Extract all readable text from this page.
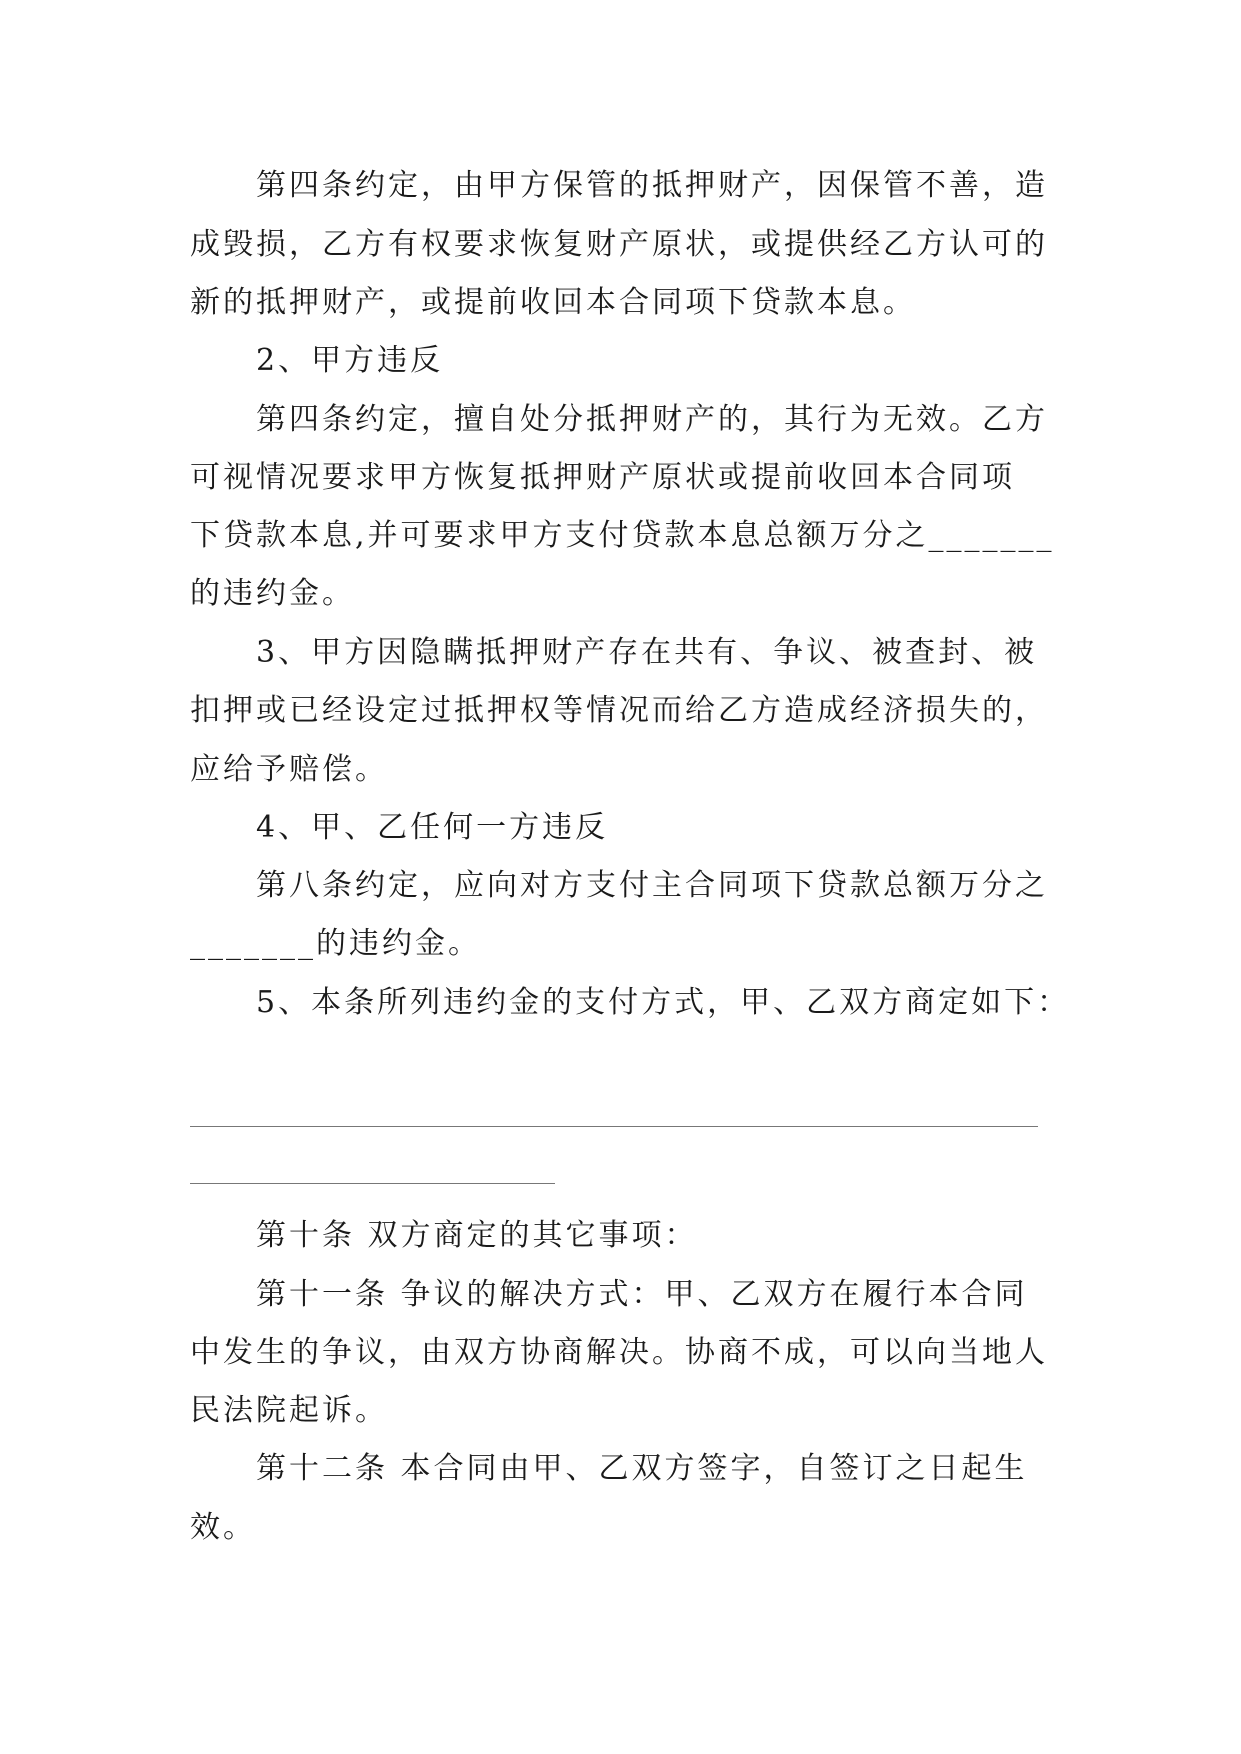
第四条约定，由甲方保管的抵押财产，因保管不善，造
成毁损，乙方有权要求恢复财产原状，或提供经乙方认可的
新的抵押财产，或提前收回本合同项下贷款本息。
2、甲方违反
第四条约定，擅自处分抵押财产的，其行为无效。乙方
可视情况要求甲方恢复抵押财产原状或提前收回本合同项
下贷款本息,并可要求甲方支付贷款本息总额万分之_______
的违约金。
3、甲方因隐瞒抵押财产存在共有、争议、被查封、被
扣押或已经设定过抵押权等情况而给乙方造成经济损失的，
应给予赔偿。
4、甲、乙任何一方违反
第八条约定，应向对方支付主合同项下贷款总额万分之
_______的违约金。
5、本条所列违约金的支付方式，甲、乙双方商定如下：
第十条 双方商定的其它事项：
第十一条 争议的解决方式：甲、乙双方在履行本合同
中发生的争议，由双方协商解决。协商不成，可以向当地人
民法院起诉。
第十二条 本合同由甲、乙双方签字，自签订之日起生
效。
